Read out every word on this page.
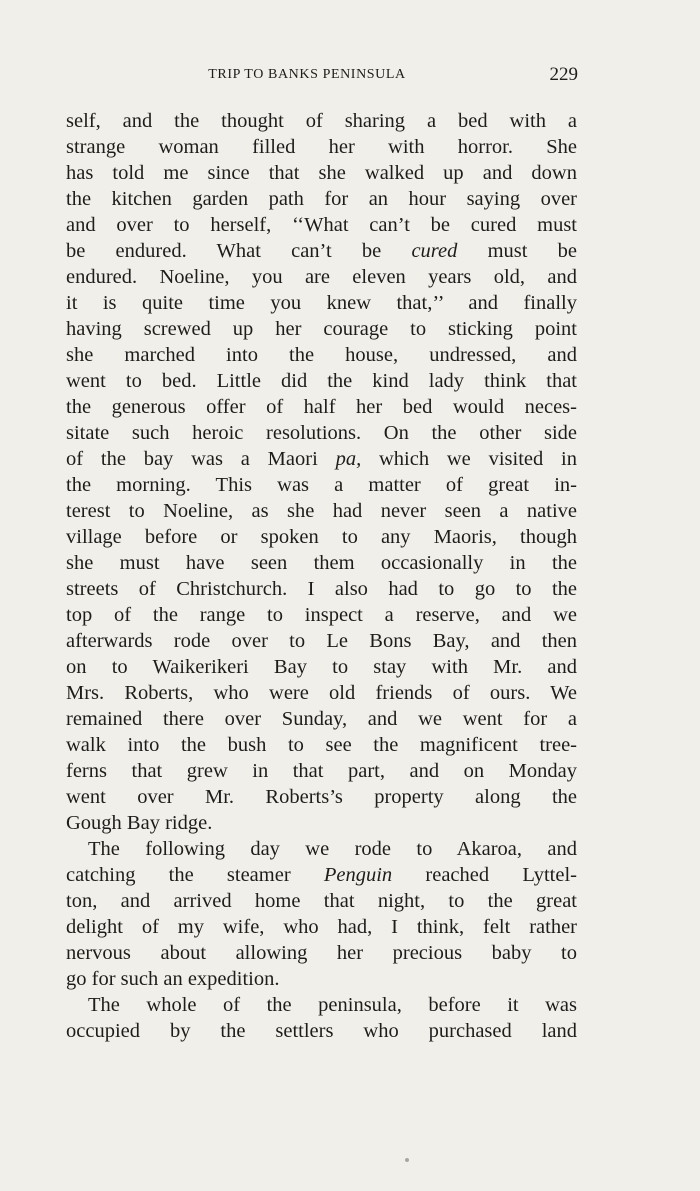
TRIP TO BANKS PENINSULA	229
self, and the thought of sharing a bed with a
strange woman filled her with horror. She
has told me since that she walked up and down
the kitchen garden path for an hour saying over
and over to herself, ‘‘What can’t be cured must
be endured. What can’t be cured must be
endured. Noeline, you are eleven years old, and
it is quite time you knew that,’’ and finally
having screwed up her courage to sticking point
she marched into the house, undressed, and
went to bed. Little did the kind lady think that
the generous offer of half her bed would neces-
sitate such heroic resolutions. On the other side
of the bay was a Maori pa, which we visited in
the morning. This was a matter of great in-
terest to Noeline, as she had never seen a native
village before or spoken to any Maoris, though
she must have seen them occasionally in the
streets of Christchurch. I also had to go to the
top of the range to inspect a reserve, and we
afterwards rode over to Le Bons Bay, and then
on to Waikerikeri Bay to stay with Mr. and
Mrs. Roberts, who were old friends of ours. We
remained there over Sunday, and we went for a
walk into the bush to see the magnificent tree-
ferns that grew in that part, and on Monday
went over Mr. Roberts’s property along the
Gough Bay ridge.
The following day we rode to Akaroa, and
catching the steamer Penguin reached Lyttel-
ton, and arrived home that night, to the great
delight of my wife, who had, I think, felt rather
nervous about allowing her precious baby to
go for such an expedition.
The whole of the peninsula, before it was
occupied by the settlers who purchased land
